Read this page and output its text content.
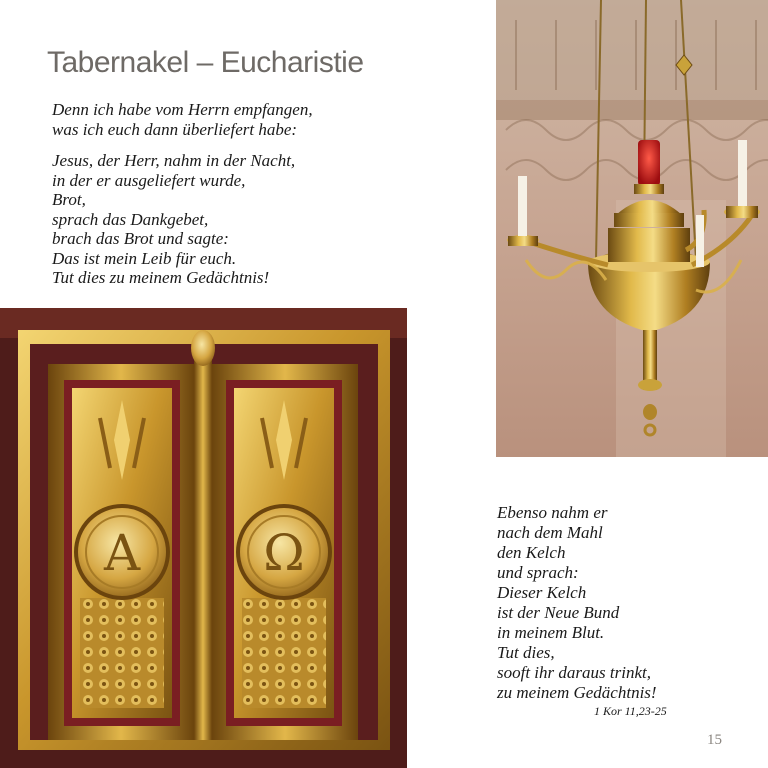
Tabernakel – Eucharistie
Denn ich habe vom Herrn empfangen,
was ich euch dann überliefert habe:
Jesus, der Herr, nahm in der Nacht,
in der er ausgeliefert wurde,
Brot,
sprach das Dankgebet,
brach das Brot und sagte:
Das ist mein Leib für euch.
Tut dies zu meinem Gedächtnis!
A Ω
Ebenso nahm er
nach dem Mahl
den Kelch
und sprach:
Dieser Kelch
ist der Neue Bund
in meinem Blut.
Tut dies,
sooft ihr daraus trinkt,
zu meinem Gedächtnis!
1 Kor 11,23-25
15
